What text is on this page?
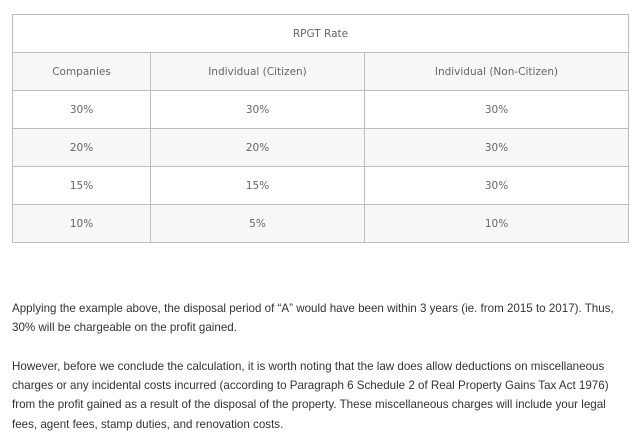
RPGT Rate		
Companies	Individual (Citizen)	Individual (Non-Citizen)
30%	30%	30%
20%	20%	30%
15%	15%	30%
10%	5%	10%

Applying the example above, the disposal period of “A” would have been within 3 years (ie. from 2015 to 2017). Thus, 30% will be chargeable on the profit gained.

However, before we conclude the calculation, it is worth noting that the law does allow deductions on miscellaneous charges or any incidental costs incurred (according to Paragraph 6 Schedule 2 of Real Property Gains Tax Act 1976) from the profit gained as a result of the disposal of the property. These miscellaneous charges will include your legal fees, agent fees, stamp duties, and renovation costs.
